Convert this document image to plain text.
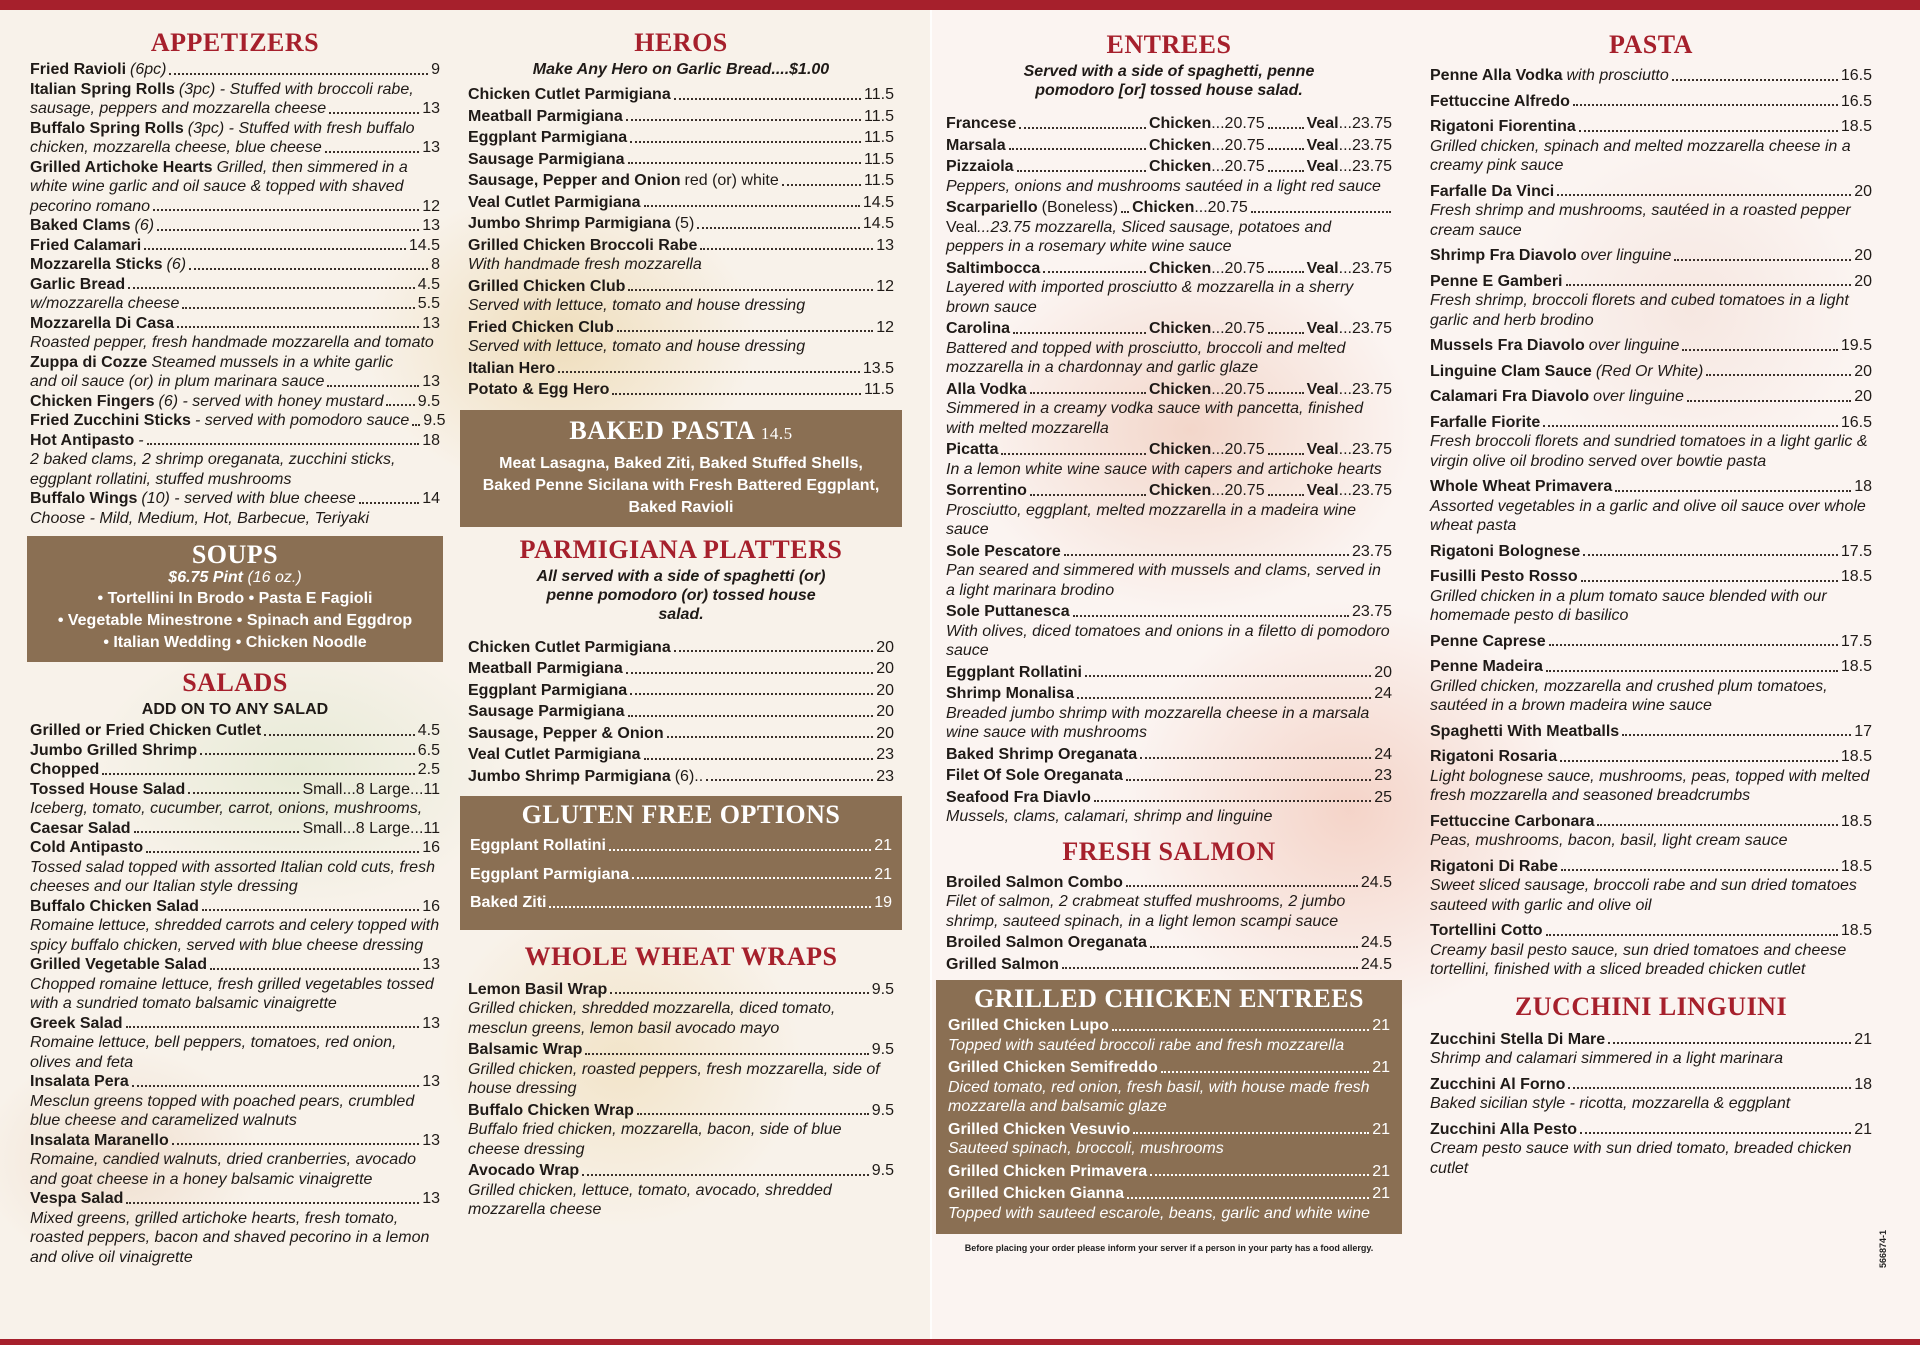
APPETIZERS
Fried Ravioli (6pc)	9
Italian Spring Rolls (3pc) - Stuffed with broccoli rabe,
sausage, peppers and mozzarella cheese	13
Buffalo Spring Rolls (3pc) - Stuffed with fresh buffalo
chicken, mozzarella cheese, blue cheese	13
Grilled Artichoke Hearts Grilled, then simmered in a
white wine garlic and oil sauce & topped with shaved
pecorino romano	12
Baked Clams (6)	13
Fried Calamari	14.5
Mozzarella Sticks (6)	8
Garlic Bread	4.5
w/mozzarella cheese	5.5
Mozzarella Di Casa	13
Roasted pepper, fresh handmade mozzarella and tomato
Zuppa di Cozze Steamed mussels in a white garlic
and oil sauce (or) in plum marinara sauce	13
Chicken Fingers (6) - served with honey mustard 9.5
Fried Zucchini Sticks - served with pomodoro sauce 9.5
Hot Antipasto -	18
2 baked clams, 2 shrimp oreganata, zucchini sticks, eggplant rollatini, stuffed mushrooms
Buffalo Wings (10) - served with blue cheese	14
Choose - Mild, Medium, Hot, Barbecue, Teriyaki
SOUPS
$6.75 Pint (16 oz.)
• Tortellini In Brodo • Pasta E Fagioli
• Vegetable Minestrone • Spinach and Eggdrop
• Italian Wedding • Chicken Noodle
SALADS
ADD ON TO ANY SALAD
Grilled or Fried Chicken Cutlet	4.5
Jumbo Grilled Shrimp	6.5
Chopped	2.5
Tossed House Salad	Small...8 Large...11
Iceberg, tomato, cucumber, carrot, onions, mushrooms,
Caesar Salad	Small...8 Large...11
Cold Antipasto	16
Tossed salad topped with assorted Italian cold cuts, fresh cheeses and our Italian style dressing
Buffalo Chicken Salad	16
Romaine lettuce, shredded carrots and celery topped with spicy buffalo chicken, served with blue cheese dressing
Grilled Vegetable Salad	13
Chopped romaine lettuce, fresh grilled vegetables tossed with a sundried tomato balsamic vinaigrette
Greek Salad	13
Romaine lettuce, bell peppers, tomatoes, red onion, olives and feta
Insalata Pera	13
Mesclun greens topped with poached pears, crumbled blue cheese and caramelized walnuts
Insalata Maranello	13
Romaine, candied walnuts, dried cranberries, avocado and goat cheese in a honey balsamic vinaigrette
Vespa Salad	13
Mixed greens, grilled artichoke hearts, fresh tomato, roasted peppers, bacon and shaved pecorino in a lemon and olive oil vinaigrette
HEROS
Make Any Hero on Garlic Bread....$1.00
Chicken Cutlet Parmigiana	11.5
Meatball Parmigiana	11.5
Eggplant Parmigiana	11.5
Sausage Parmigiana	11.5
Sausage, Pepper and Onion red (or) white	11.5
Veal Cutlet Parmigiana	14.5
Jumbo Shrimp Parmigiana (5)	14.5
Grilled Chicken Broccoli Rabe	13
With handmade fresh mozzarella
Grilled Chicken Club	12
Served with lettuce, tomato and house dressing
Fried Chicken Club	12
Served with lettuce, tomato and house dressing
Italian Hero	13.5
Potato & Egg Hero	11.5
BAKED PASTA 14.5
Meat Lasagna, Baked Ziti, Baked Stuffed Shells,
Baked Penne Sicilana with Fresh Battered Eggplant,
Baked Ravioli
PARMIGIANA PLATTERS
All served with a side of spaghetti (or) penne pomodoro (or) tossed house salad.
Chicken Cutlet Parmigiana	20
Meatball Parmigiana	20
Eggplant Parmigiana	20
Sausage Parmigiana	20
Sausage, Pepper & Onion	20
Veal Cutlet Parmigiana	23
Jumbo Shrimp Parmigiana (6)..	23
GLUTEN FREE OPTIONS
Eggplant Rollatini	21
Eggplant Parmigiana	21
Baked Ziti	19
WHOLE WHEAT WRAPS
Lemon Basil Wrap	9.5
Grilled chicken, shredded mozzarella, diced tomato, mesclun greens, lemon basil avocado mayo
Balsamic Wrap	9.5
Grilled chicken, roasted peppers, fresh mozzarella, side of house dressing
Buffalo Chicken Wrap	9.5
Buffalo fried chicken, mozzarella, bacon, side of blue cheese dressing
Avocado Wrap	9.5
Grilled chicken, lettuce, tomato, avocado, shredded mozzarella cheese
ENTREES
Served with a side of spaghetti, penne pomodoro [or] tossed house salad.
Francese	Chicken ...20.75	Veal ...23.75
Marsala	Chicken ...20.75	Veal ...23.75
Pizzaiola	Chicken ...20.75	Veal ...23.75
Peppers, onions and mushrooms sautéed in a light red sauce
Scarpariello (Boneless) Chicken ...20.75
Veal...23.75 mozzarella, Sliced sausage, potatoes and peppers in a rosemary white wine sauce
Saltimbocca	Chicken ...20.75	Veal ...23.75
Layered with imported prosciutto & mozzarella in a sherry brown sauce
Carolina	Chicken ...20.75	Veal ...23.75
Battered and topped with prosciutto, broccoli and melted mozzarella in a chardonnay and garlic glaze
Alla Vodka	Chicken ...20.75	Veal ...23.75
Simmered in a creamy vodka sauce with pancetta, finished with melted mozzarella
Picatta	Chicken ...20.75	Veal ...23.75
In a lemon white wine sauce with capers and artichoke hearts
Sorrentino	Chicken ...20.75	Veal ...23.75
Prosciutto, eggplant, melted mozzarella in a madeira wine sauce
Sole Pescatore	23.75
Pan seared and simmered with mussels and clams, served in a light marinara brodino
Sole Puttanesca	23.75
With olives, diced tomatoes and onions in a filetto di pomodoro sauce
Eggplant Rollatini	20
Shrimp Monalisa	24
Breaded jumbo shrimp with mozzarella cheese in a marsala wine sauce with mushrooms
Baked Shrimp Oreganata	24
Filet Of Sole Oreganata	23
Seafood Fra Diavlo	25
Mussels, clams, calamari, shrimp and linguine
FRESH SALMON
Broiled Salmon Combo	24.5
Filet of salmon, 2 crabmeat stuffed mushrooms, 2 jumbo shrimp, sauteed spinach, in a light lemon scampi sauce
Broiled Salmon Oreganata	24.5
Grilled Salmon	24.5
GRILLED CHICKEN ENTREES
Grilled Chicken Lupo	21
Topped with sautéed broccoli rabe and fresh mozzarella
Grilled Chicken Semifreddo	21
Diced tomato, red onion, fresh basil, with house made fresh mozzarella and balsamic glaze
Grilled Chicken Vesuvio	21
Sauteed spinach, broccoli, mushrooms
Grilled Chicken Primavera	21
Grilled Chicken Gianna	21
Topped with sauteed escarole, beans, garlic and white wine
Before placing your order please inform your server if a person in your party has a food allergy.
PASTA
Penne Alla Vodka with prosciutto	16.5
Fettuccine Alfredo	16.5
Rigatoni Fiorentina	18.5
Grilled chicken, spinach and melted mozzarella cheese in a creamy pink sauce
Farfalle Da Vinci	20
Fresh shrimp and mushrooms, sautéed in a roasted pepper cream sauce
Shrimp Fra Diavolo over linguine	20
Penne E Gamberi	20
Fresh shrimp, broccoli florets and cubed tomatoes in a light garlic and herb brodino
Mussels Fra Diavolo over linguine	19.5
Linguine Clam Sauce (Red Or White)	20
Calamari Fra Diavolo over linguine	20
Farfalle Fiorite	16.5
Fresh broccoli florets and sundried tomatoes in a light garlic & virgin olive oil brodino served over bowtie pasta
Whole Wheat Primavera	18
Assorted vegetables in a garlic and olive oil sauce over whole wheat pasta
Rigatoni Bolognese	17.5
Fusilli Pesto Rosso	18.5
Grilled chicken in a plum tomato sauce blended with our homemade pesto di basilico
Penne Caprese	17.5
Penne Madeira	18.5
Grilled chicken, mozzarella and crushed plum tomatoes, sautéed in a brown madeira wine sauce
Spaghetti With Meatballs	17
Rigatoni Rosaria	18.5
Light bolognese sauce, mushrooms, peas, topped with melted fresh mozzarella and seasoned breadcrumbs
Fettuccine Carbonara	18.5
Peas, mushrooms, bacon, basil, light cream sauce
Rigatoni Di Rabe	18.5
Sweet sliced sausage, broccoli rabe and sun dried tomatoes sauteed with garlic and olive oil
Tortellini Cotto	18.5
Creamy basil pesto sauce, sun dried tomatoes and cheese tortellini, finished with a sliced breaded chicken cutlet
ZUCCHINI LINGUINI
Zucchini Stella Di Mare	21
Shrimp and calamari simmered in a light marinara
Zucchini Al Forno	18
Baked sicilian style - ricotta, mozzarella & eggplant
Zucchini Alla Pesto	21
Cream pesto sauce with sun dried tomato, breaded chicken cutlet
566874-1
